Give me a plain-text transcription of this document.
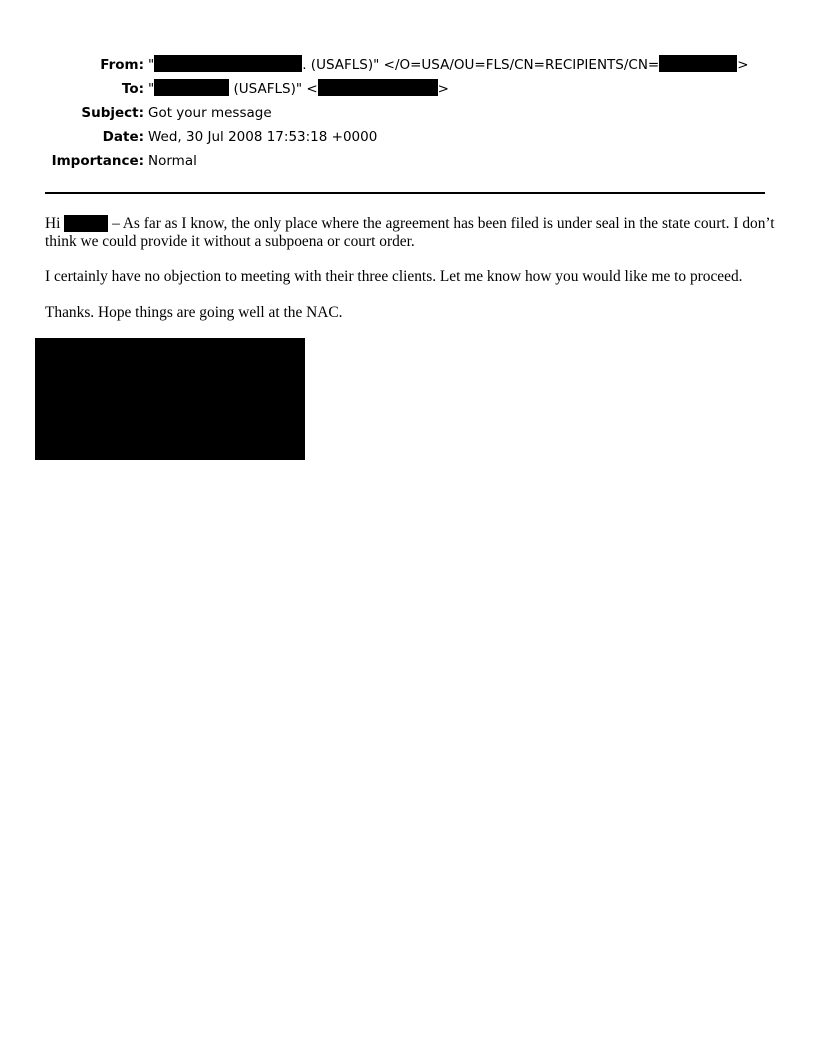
From: "	. (USAFLS)" </O=USA/OU=FLS/CN=RECIPIENTS/CN=	>
To: "	(USAFLS)" <	>
Subject: Got your message
Date: Wed, 30 Jul 2008 17:53:18 +0000
Importance: Normal

Hi	– As far as I know, the only place where the agreement has been filed is under seal in the state court. I don’t think we could provide it without a subpoena or court order.

I certainly have no objection to meeting with their three clients. Let me know how you would like me to proceed.

Thanks. Hope things are going well at the NAC.
